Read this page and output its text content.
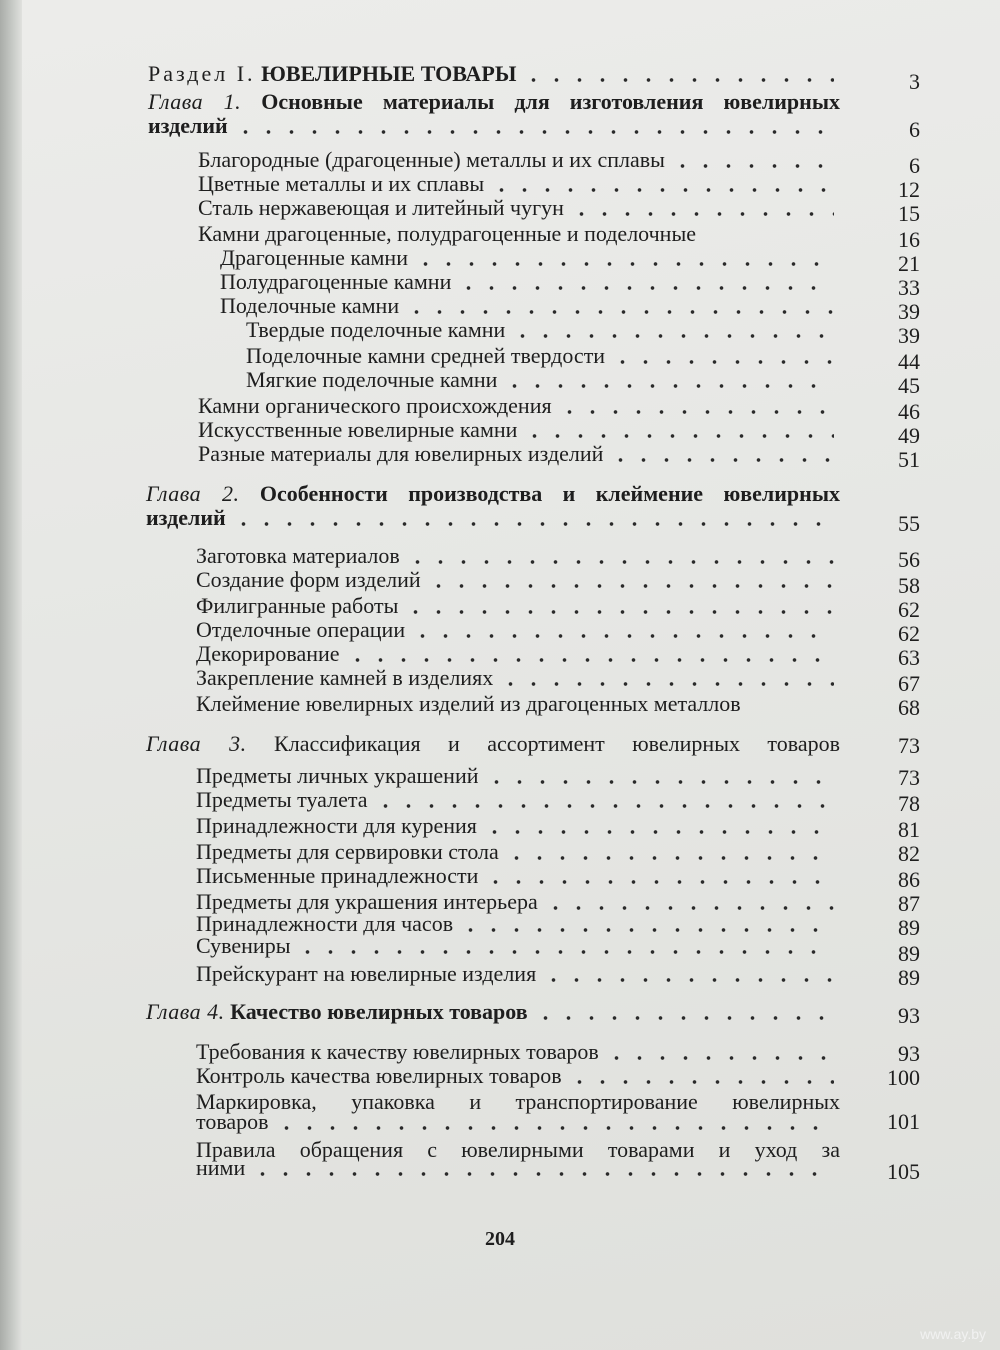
Раздел I. ЮВЕЛИРНЫЕ ТОВАРЫ	3
Глава 1. Основные материалы для изготовления ювелирных
изделий	6
Благородные (драгоценные) металлы и их сплавы	6
Цветные металлы и их сплавы	12
Сталь нержавеющая и литейный чугун	15
Камни драгоценные, полудрагоценные и поделочные	16
Драгоценные камни	21
Полудрагоценные камни	33
Поделочные камни	39
Твердые поделочные камни	39
Поделочные камни средней твердости	44
Мягкие поделочные камни	45
Камни органического происхождения	46
Искусственные ювелирные камни	49
Разные материалы для ювелирных изделий	51
Глава 2. Особенности производства и клеймение ювелирных
изделий	55
Заготовка материалов	56
Создание форм изделий	58
Филигранные работы	62
Отделочные операции	62
Декорирование	63
Закрепление камней в изделиях	67
Клеймение ювелирных изделий из драгоценных металлов	68
Глава 3. Классификация и ассортимент ювелирных товаров	73
Предметы личных украшений	73
Предметы туалета	78
Принадлежности для курения	81
Предметы для сервировки стола	82
Письменные принадлежности	86
Предметы для украшения интерьера	87
Принадлежности для часов	89
Сувениры	89
Прейскурант на ювелирные изделия	89
Глава 4. Качество ювелирных товаров	93
Требования к качеству ювелирных товаров	93
Контроль качества ювелирных товаров	100
Маркировка, упаковка и транспортирование ювелирных
товаров	101
Правила обращения с ювелирными товарами и уход за
ними	105
204
www.ay.by
